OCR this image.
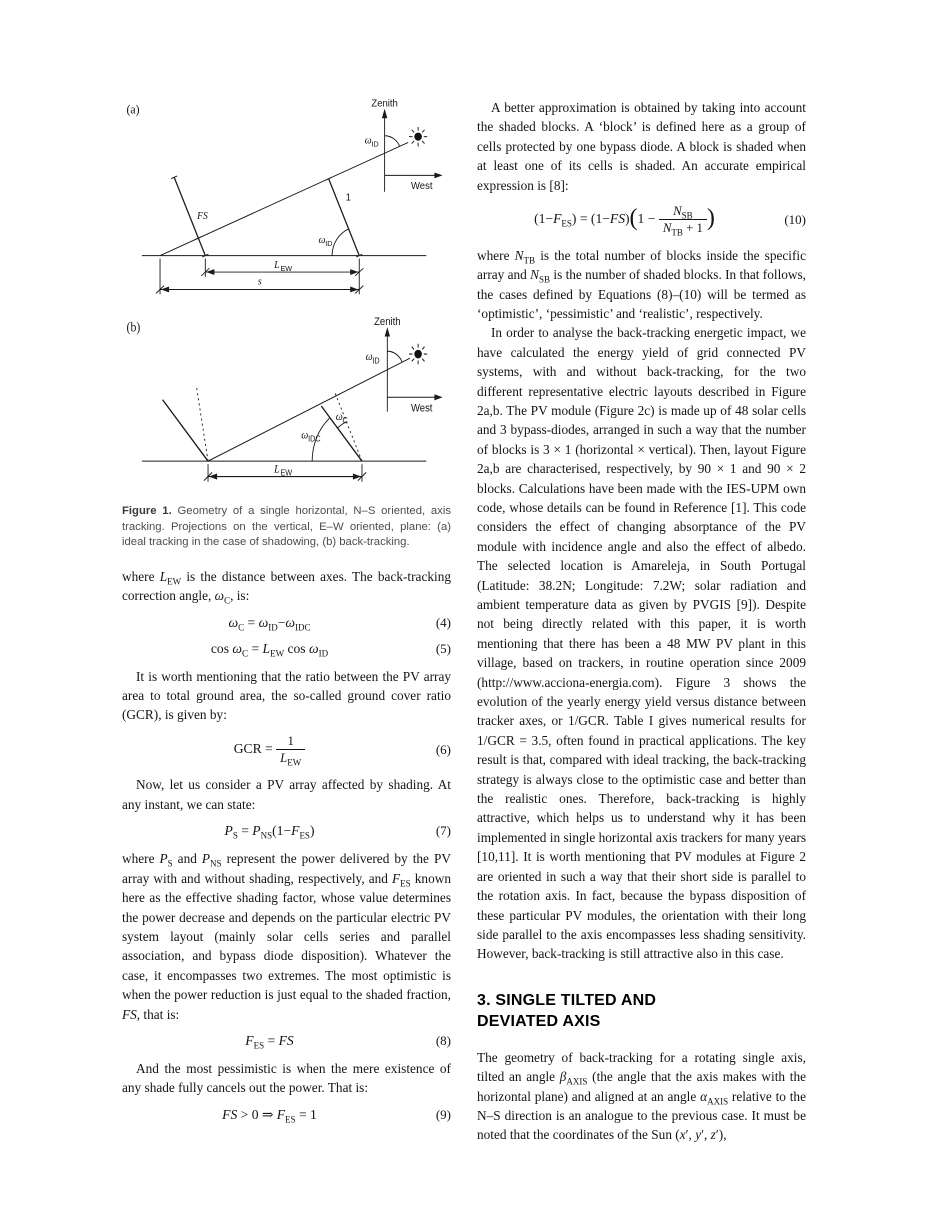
(a)	Zenith
West
ω ID
FS
1
ω ID
L EW
s
(b)	Zenith
West
ω ID
ω IDC
ω C
L EW
Figure 1. Geometry of a single horizontal, N–S oriented, axis tracking. Projections on the vertical, E–W oriented, plane: (a) ideal tracking in the case of shadowing, (b) back-tracking.

where $L_{EW}$ is the distance between axes. The back-tracking correction angle, $\omega_C$, is:

$\omega_C = \omega_{ID}-\omega_{IDC}$	(4)
$\cos \omega_C = L_{EW}$ $\cos \omega_{ID}$	(5)

It is worth mentioning that the ratio between the PV array area to total ground area, the so-called ground cover ratio (GCR), is given by:

GCR = $\frac{1}{L_{EW}}$	(6)

Now, let us consider a PV array affected by shading. At any instant, we can state:

$P_S = P_{NS}(1-F_{ES})$	(7)

where $P_S$ and $P_{NS}$ represent the power delivered by the PV array with and without shading, respectively, and $F_{ES}$ known here as the effective shading factor, whose value determines the power decrease and depends on the particular electric PV system layout (mainly solar cells series and parallel association, and bypass diode disposition). Whatever the case, it encompasses two extremes. The most optimistic is when the power reduction is just equal to the shaded fraction, FS, that is:

$F_{ES}$ = FS	(8)

And the most pessimistic is when the mere existence of any shade fully cancels out the power. That is:

FS > 0 ⇒ $F_{ES} = 1$	(9)

A better approximation is obtained by taking into account the shaded blocks. A ‘block’ is defined here as a group of cells protected by one bypass diode. A block is shaded when at least one of its cells is shaded. An accurate empirical expression is [8]:

$(1-F_{ES}) = (1-FS)(1 - \frac{N_{SB}}{N_{TB} + 1}$ )	(10)

where $N_{TB}$ is the total number of blocks inside the specific array and $N_{SB}$ is the number of shaded blocks. In that follows, the cases defined by Equations (8)–(10) will be termed as ‘optimistic’, ‘pessimistic’ and ‘realistic’, respectively.

In order to analyse the back-tracking energetic impact, we have calculated the energy yield of grid connected PV systems, with and without back-tracking, for the two different representative electric layouts described in Figure 2a,b. The PV module (Figure 2c) is made up of 48 solar cells and 3 bypass-diodes, arranged in such a way that the number of blocks is 3 × 1 (horizontal × vertical). Then, layout Figure 2a,b are characterised, respectively, by 90 × 1 and 90 × 2 blocks. Calculations have been made with the IES-UPM own code, whose details can be found in Reference [1]. This code considers the effect of changing absorptance of the PV module with incidence angle and also the effect of albedo. The selected location is Amareleja, in South Portugal (Latitude: 38.2N; Longitude: 7.2W; solar radiation and ambient temperature data as given by PVGIS [9]). Despite not being directly related with this paper, it is worth mentioning that there has been a 48 MW PV plant in this village, based on trackers, in routine operation since 2009 (http://www.acciona-energia.com). Figure 3 shows the evolution of the yearly energy yield versus distance between tracker axes, or 1/GCR. Table I gives numerical results for 1/GCR = 3.5, often found in practical applications. The key result is that, compared with ideal tracking, the back-tracking strategy is always close to the optimistic case and better than the realistic ones. Therefore, back-tracking is highly attractive, which helps us to understand why it has been implemented in single horizontal axis trackers for many years [10,11]. It is worth mentioning that PV modules at Figure 2 are oriented in such a way that their short side is parallel to the rotation axis. In fact, because the bypass disposition of these particular PV modules, the orientation with their long side parallel to the axis encompasses less shading sensitivity. However, back-tracking is still attractive also in this case.

3. SINGLE TILTED AND DEVIATED AXIS

The geometry of back-tracking for a rotating single axis, tilted an angle $\beta_{AXIS}$ (the angle that the axis makes with the horizontal plane) and aligned at an angle $\alpha_{AXIS}$ relative to the N–S direction is an analogue to the previous case. It must be noted that the coordinates of the Sun (x′, y′, z′),
